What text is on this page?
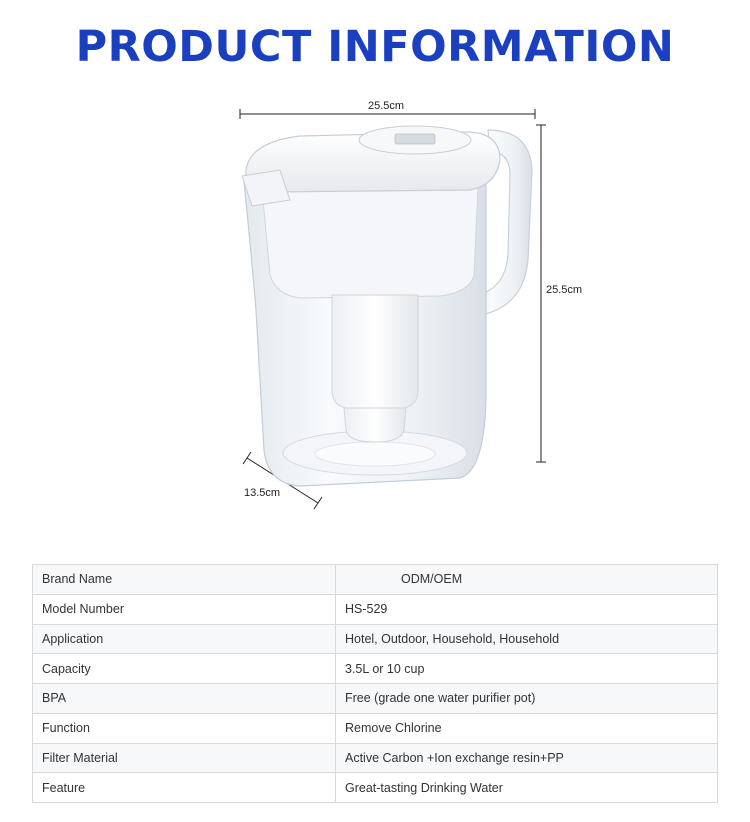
PRODUCT INFORMATION
25.5cm
25.5cm
13.5cm
Brand Name	ODM/OEM
Model Number	HS-529
Application	Hotel, Outdoor, Household, Household
Capacity	3.5L or 10 cup
BPA	Free (grade one water purifier pot)
Function	Remove Chlorine
Filter Material	Active Carbon +Ion exchange resin+PP
Feature	Great-tasting Drinking Water
